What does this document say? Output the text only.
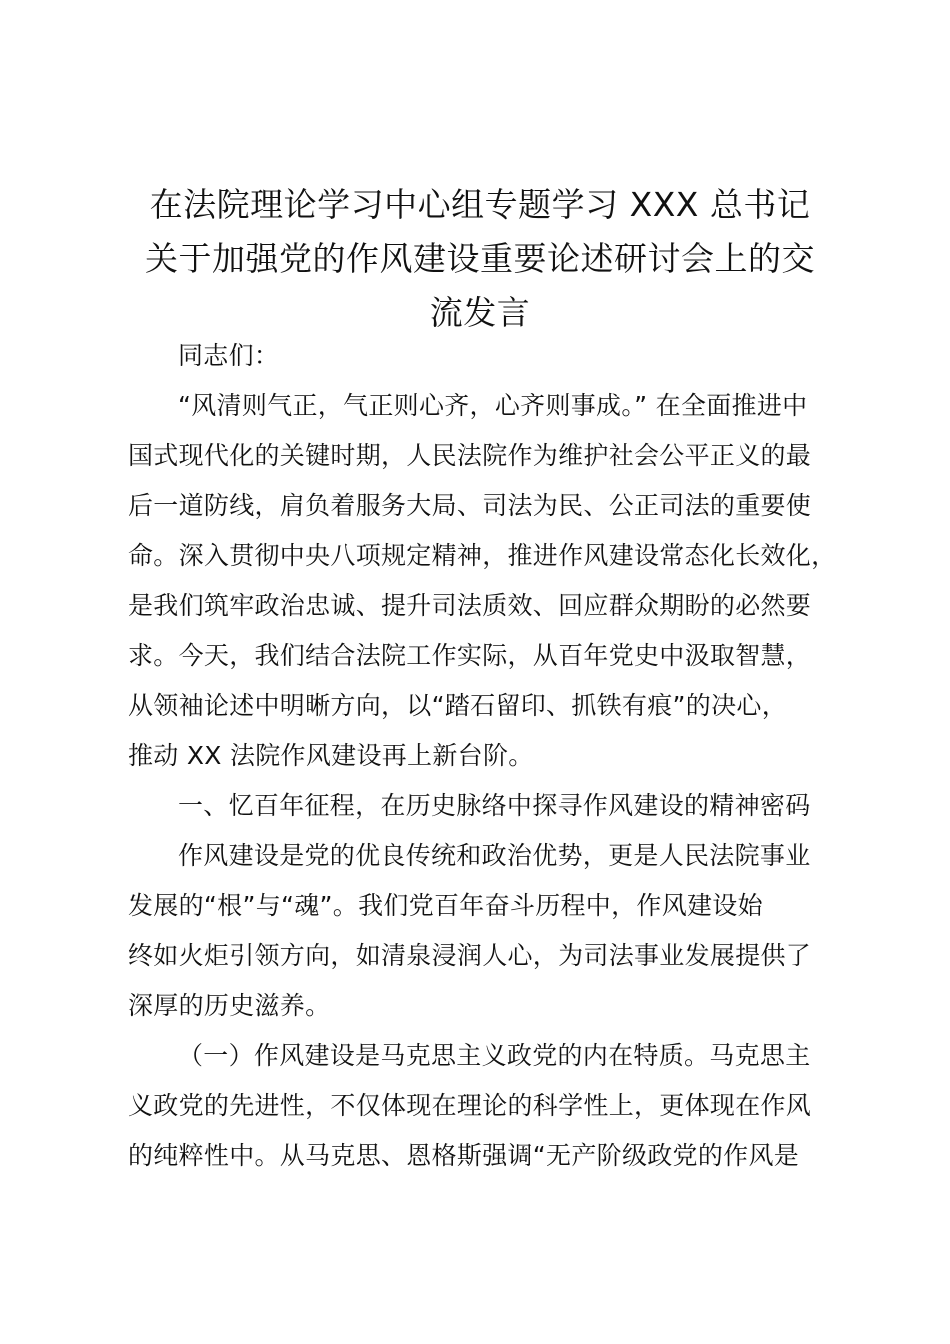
在法院理论学习中心组专题学习 XXX 总书记
关于加强党的作风建设重要论述研讨会上的交
流发言
同志们：
“风清则气正，气正则心齐，心齐则事成。” 在全面推进中
国式现代化的关键时期，人民法院作为维护社会公平正义的最
后一道防线，肩负着服务大局、司法为民、公正司法的重要使
命。深入贯彻中央八项规定精神，推进作风建设常态化长效化，
是我们筑牢政治忠诚、提升司法质效、回应群众期盼的必然要
求。今天，我们结合法院工作实际，从百年党史中汲取智慧，
从领袖论述中明晰方向，以“踏石留印、抓铁有痕”的决心，
推动 XX 法院作风建设再上新台阶。
一、忆百年征程，在历史脉络中探寻作风建设的精神密码
作风建设是党的优良传统和政治优势，更是人民法院事业
发展的“根”与“魂”。我们党百年奋斗历程中，作风建设始
终如火炬引领方向，如清泉浸润人心，为司法事业发展提供了
深厚的历史滋养。
（一）作风建设是马克思主义政党的内在特质。马克思主
义政党的先进性，不仅体现在理论的科学性上，更体现在作风
的纯粹性中。从马克思、恩格斯强调“无产阶级政党的作风是
